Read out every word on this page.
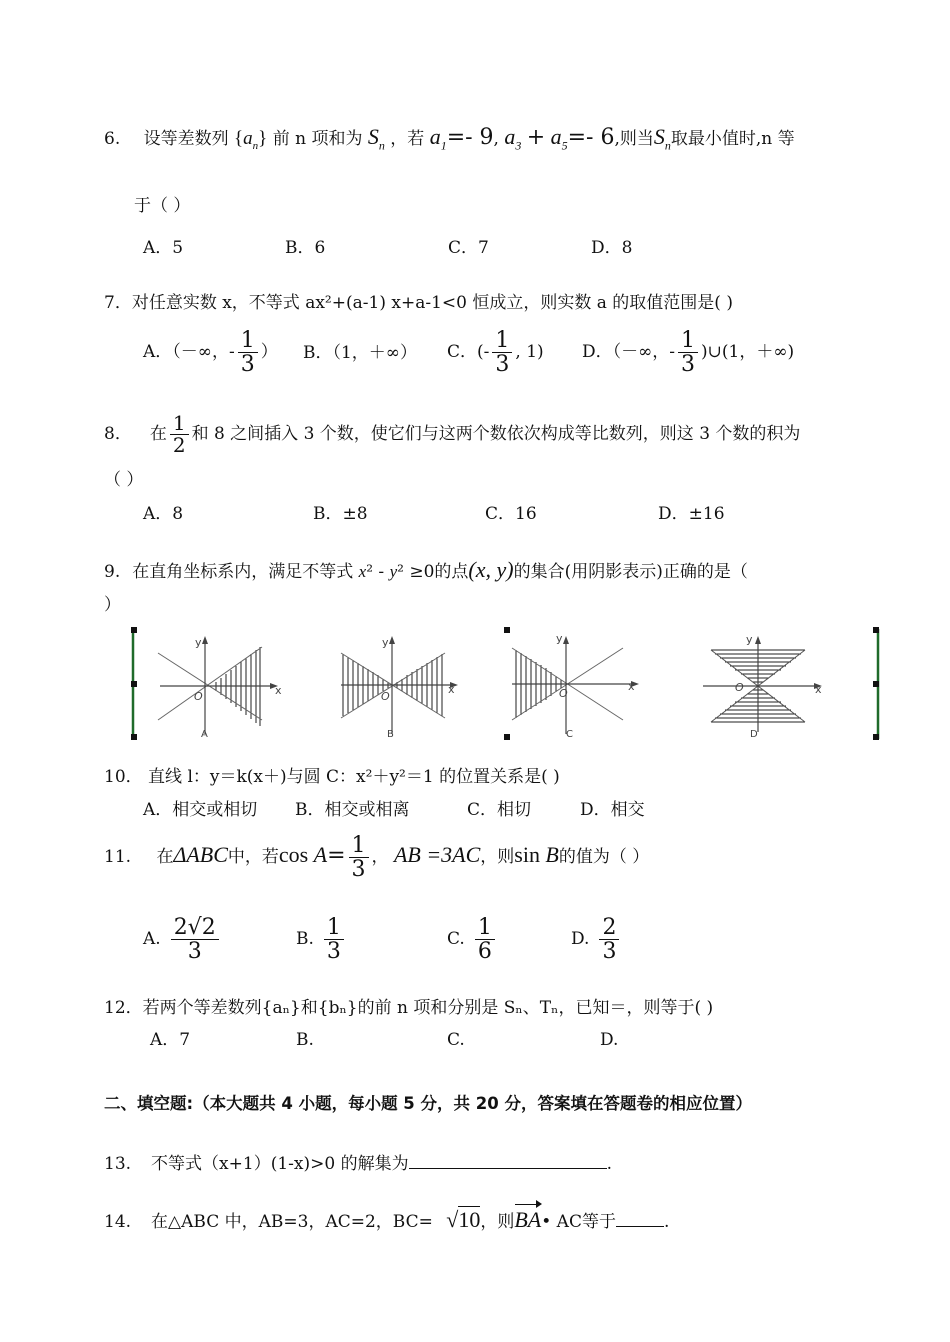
6. 设等差数列 $\{a_n\}$ 前 n 项和为 $S_n$ ，若 $a_1=-$ 9, $a_3 + a_5=-$ 6,则当$S_n$取最小值时,n 等
于（ ）
A．5	B．6	C．7	D．8
7．对任意实数 x，不等式 ax²+(a-1) x+a-1<0 恒成立，则实数 a 的取值范围是( )
A．（－∞，- $\frac{1}{3}$ ） B．（1，＋∞） C．(- $\frac{1}{3}$ , 1) D．（－∞，- $\frac{1}{3}$ )∪(1，＋∞)
8． 在 $\frac{1}{2}$ 和 8 之间插入 3 个数，使它们与这两个数依次构成等比数列，则这 3 个数的积为
（ ）
A．8	B．±8	C．16	D．±16
9. 在直角坐标系内，满足不等式 x² - y² ≥0的点(x, y)的集合(用阴影表示)正确的是（
）
y
x
O
A
y
x
O
B
y
x
O
C
y
x
O
D
10． 直线 l：y＝k(x＋)与圆 C：x²＋y²＝1 的位置关系是( )
A．相交或相切 B．相交或相离	C．相切	D．相交
11. 在ΔABC中，若$\cos A= \frac{1}{3}$ ， AB =3AC，则sin B的值为（ ）
A. $\frac{2√2}{3}$	B. $\frac{1}{3}$	C. $\frac{1}{6}$	D. $\frac{2}{3}$
12．若两个等差数列{aₙ}和{bₙ}的前 n 项和分别是 Sₙ、Tₙ，已知＝，则等于( )
A．7	B.	C.	D.
二、填空题:（本大题共 4 小题，每小题 5 分，共 20 分，答案填在答题卷的相应位置）
13. 不等式（x+1）(1-x)>0 的解集为	.
14. 在△ABC 中，AB=3，AC=2，BC= √10，则BA• AC等于	.
